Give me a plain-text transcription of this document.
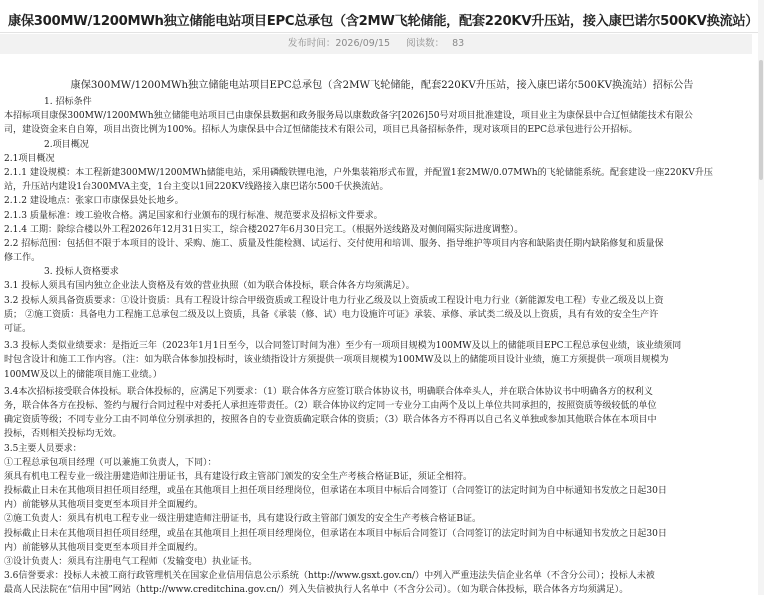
康保300MW/1200MWh独立储能电站项目EPC总承包（含2MW飞轮储能，配套220KV升压站，接入康巴诺尔500KV换流站）
发布时间：2026/09/15 阅读数： 83
康保300MW/1200MWh独立储能电站项目EPC总承包（含2MW飞轮储能，配套220KV升压站，接入康巴诺尔500KV换流站）招标公告
1. 招标条件
本招标项目康保300MW/1200MWh独立储能电站项目已由康保县数据和政务服务局以康数政备字[2026]50号对项目批准建设，项目业主为康保县中合辽恒储能技术有限公
司，建设资金来自自筹，项目出资比例为100%。招标人为康保县中合辽恒储能技术有限公司，项目已具备招标条件，现对该项目的EPC总承包进行公开招标。
2.项目概况
2.1项目概况
2.1.1 建设规模：本工程新建300MW/1200MWh储能电站，采用磷酸铁锂电池，户外集装箱形式布置，并配置1套2MW/0.07MWh的飞轮储能系统。配套建设一座220KV升压
站，升压站内建设1台300MVA主变，1台主变以1回220KV线路接入康巴诺尔500千伏换流站。
2.1.2 建设地点：张家口市康保县处长地乡。
2.1.3 质量标准：竣工验收合格。满足国家和行业颁布的现行标准、规范要求及招标文件要求。
2.1.4 工期：除综合楼以外工程2026年12月31日实工，综合楼2027年6月30日完工。（根据外送线路及对侧间隔实际进度调整）。
2.2 招标范围：包括但不限于本项目的设计、采购、施工、质量及性能检测、试运行、交付使用和培训、服务、指导维护等项目内容和缺陷责任期内缺陷修复和质量保
修工作。
3. 投标人资格要求
3.1 投标人须具有国内独立企业法人资格及有效的营业执照（如为联合体投标，联合体各方均须满足）。
3.2 投标人须具备资质要求：①设计资质：具有工程设计综合甲级资质或工程设计电力行业乙级及以上资质或工程设计电力行业（新能源发电工程）专业乙级及以上资
质； ②施工资质：具备电力工程施工总承包二级及以上资质，具备《承装（修、试）电力设施许可证》承装、承修、承试类二级及以上资质，具有有效的安全生产许
可证。
3.3 投标人类似业绩要求：是指近三年（2023年1月1日至今，以合同签订时间为准）至少有一项项目规模为100MW及以上的储能项目EPC工程总承包业绩，该业绩须同
时包含设计和施工工作内容。（注：如为联合体参加投标时，该业绩指设计方须提供一项项目规模为100MW及以上的储能项目设计业绩，施工方须提供一项项目规模为
100MW及以上的储能项目施工业绩。）
3.4本次招标接受联合体投标。联合体投标的，应满足下列要求：（1）联合体各方应签订联合体协议书，明确联合体牵头人，并在联合体协议书中明确各方的权利义
务，联合体各方在投标、签约与履行合同过程中对委托人承担连带责任。（2）联合体协议约定同一专业分工由两个及以上单位共同承担的，按照资质等级较低的单位
确定资质等级；不同专业分工由不同单位分别承担的，按照各自的专业资质确定联合体的资质；（3）联合体各方不得再以自己名义单独或参加其他联合体在本项目中
投标，否则相关投标均无效。
3.5主要人员要求：
①工程总承包项目经理（可以兼施工负责人，下同）：
须具有机电工程专业一级注册建造师注册证书，具有建设行政主管部门颁发的安全生产考核合格证B证，须证全相符。
投标截止日未在其他项目担任项目经理，或虽在其他项目上担任项目经理岗位，但承诺在本项目中标后合同签订（合同签订的法定时间为自中标通知书发放之日起30日
内）前能够从其他项目变更至本项目并全面履约。
②施工负责人：须具有机电工程专业一级注册建造师注册证书，具有建设行政主管部门颁发的安全生产考核合格证B证。
投标截止日未在其他项目担任项目经理，或虽在其他项目上担任项目经理岗位，但承诺在本项目中标后合同签订（合同签订的法定时间为自中标通知书发放之日起30日
内）前能够从其他项目变更至本项目并全面履约。
③设计负责人：须具有注册电气工程师（发输变电）执业证书。
3.6信誉要求：投标人未被工商行政管理机关在国家企业信用信息公示系统（http://www.gsxt.gov.cn/）中列入严重违法失信企业名单（不含分公司）；投标人未被
最高人民法院在“信用中国”网站（http://www.creditchina.gov.cn/）列入失信被执行人名单中（不含分公司）。（如为联合体投标，联合体各方均须满足）。
